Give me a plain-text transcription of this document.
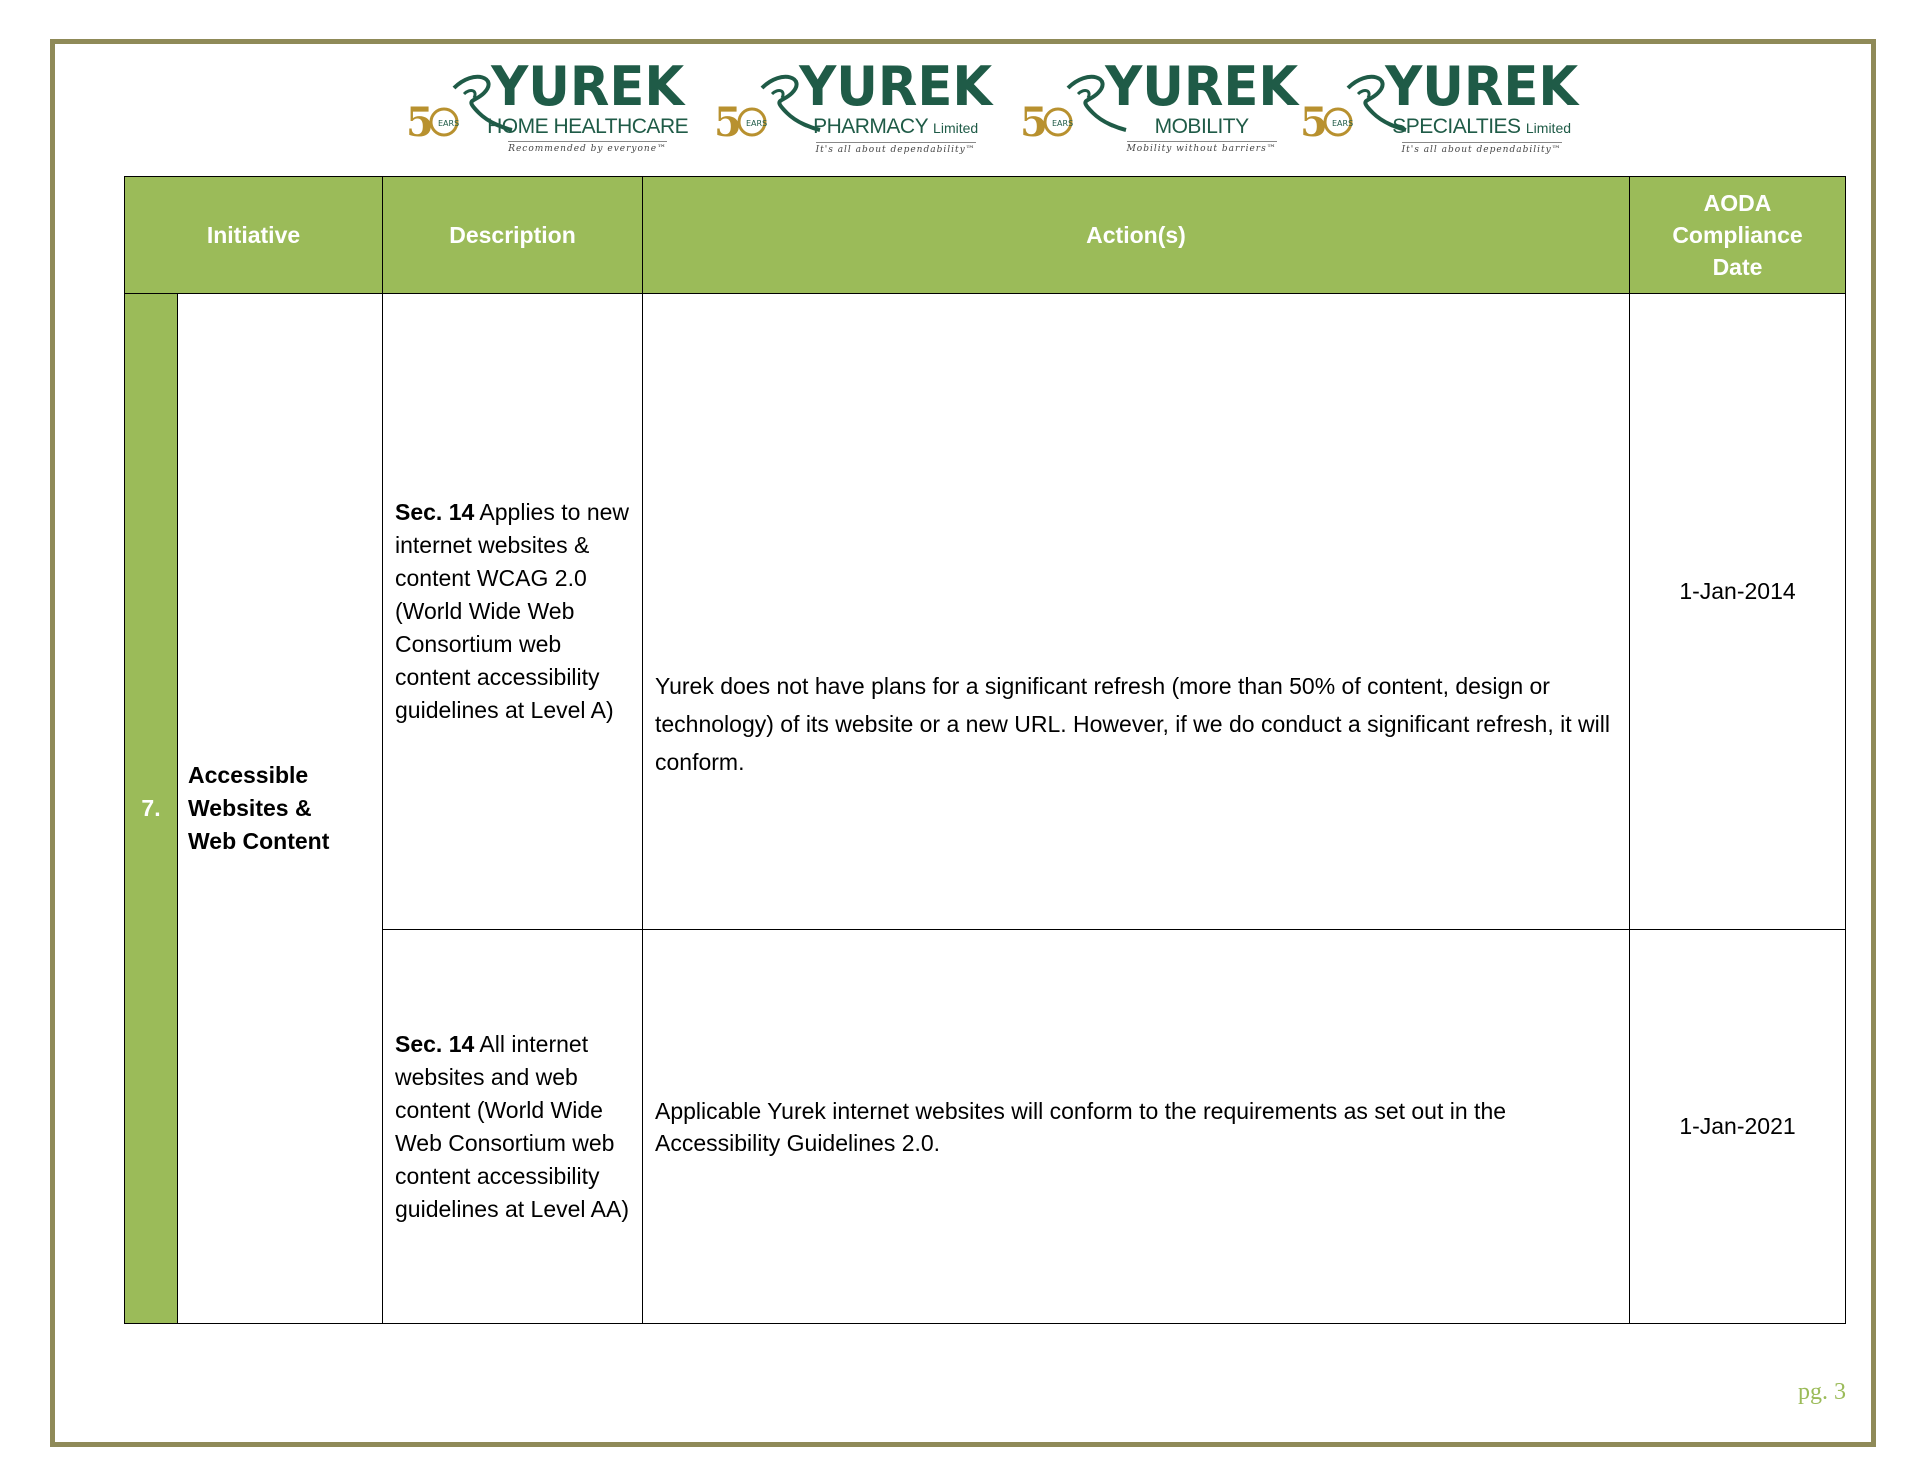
5 EARS
YUREK
HOME HEALTHCARE
Recommended by everyone™
5 EARS
YUREK
PHARMACY Limited
It's all about dependability™
5 EARS
YUREK
MOBILITY
Mobility without barriers™
5 EARS
YUREK
SPECIALTIES Limited
It's all about dependability™
Initiative		Description	Action(s)	AODA
Compliance
Date
7.	Accessible Websites & Web Content	Sec. 14 Applies to new internet websites & content WCAG 2.0 (World Wide Web Consortium web content accessibility guidelines at Level A)	Yurek does not have plans for a significant refresh (more than 50% of content, design or technology) of its website or a new URL. However, if we do conduct a significant refresh, it will conform.	1-Jan-2014
		Sec. 14 All internet websites and web content (World Wide Web Consortium web content accessibility guidelines at Level AA)	Applicable Yurek internet websites will conform to the requirements as set out in the Accessibility Guidelines 2.0.	1-Jan-2021
pg. 3
